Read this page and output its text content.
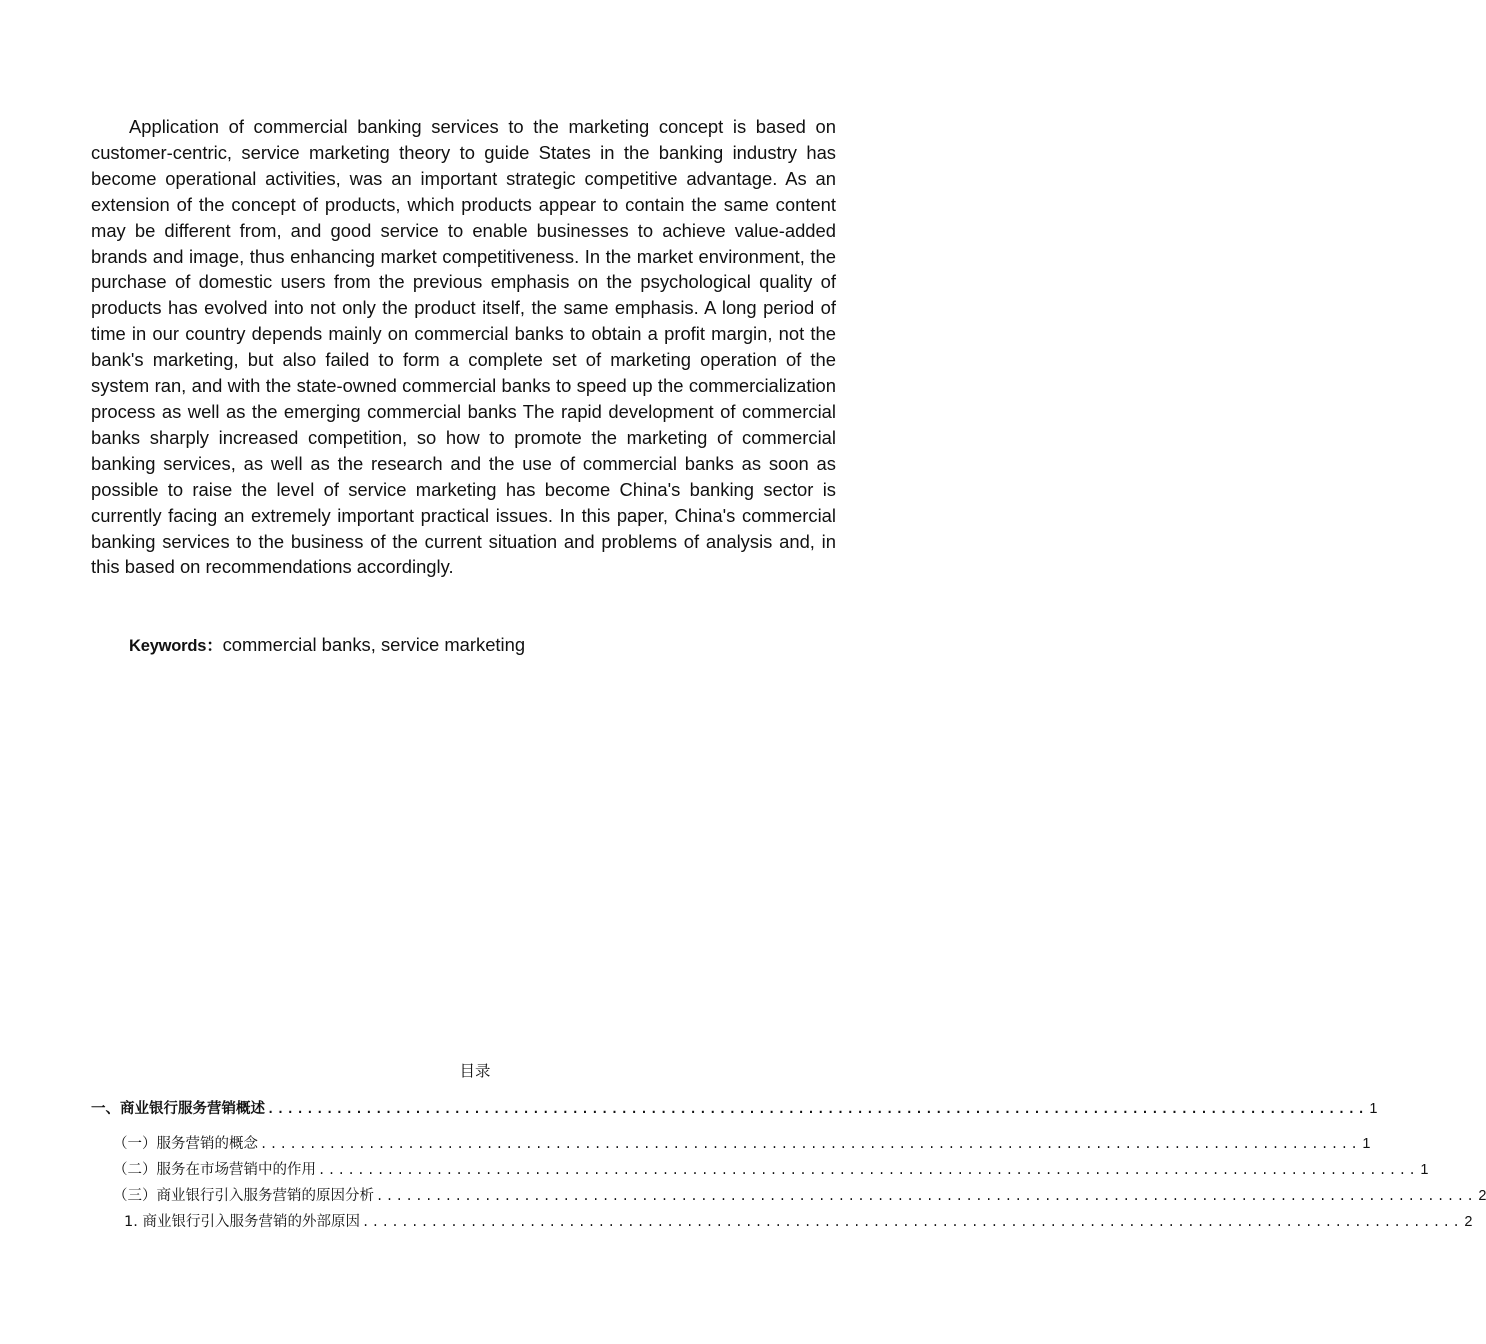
Application of commercial banking services to the marketing concept is based on customer-centric, service marketing theory to guide States in the banking industry has become operational activities, was an important strategic competitive advantage. As an extension of the concept of products, which products appear to contain the same content may be different from, and good service to enable businesses to achieve value-added brands and image, thus enhancing market competitiveness. In the market environment, the purchase of domestic users from the previous emphasis on the psychological quality of products has evolved into not only the product itself, the same emphasis. A long period of time in our country depends mainly on commercial banks to obtain a profit margin, not the bank's marketing, but also failed to form a complete set of marketing operation of the system ran, and with the state-owned commercial banks to speed up the commercialization process as well as the emerging commercial banks The rapid development of commercial banks sharply increased competition, so how to promote the marketing of commercial banking services, as well as the research and the use of commercial banks as soon as possible to raise the level of service marketing has become China's banking sector is currently facing an extremely important practical issues. In this paper, China's commercial banking services to the business of the current situation and problems of analysis and, in this based on recommendations accordingly.

Keywords：commercial banks, service marketing
目录
一、商业银行服务营销概述 ................................................................................................................ 1
（一）服务营销的概念 ................................................................................................................ 1
（二）服务在市场营销中的作用 ................................................................................................................ 1
（三）商业银行引入服务营销的原因分析 ................................................................................................................ 2
1. 商业银行引入服务营销的外部原因 ................................................................................................................ 2
